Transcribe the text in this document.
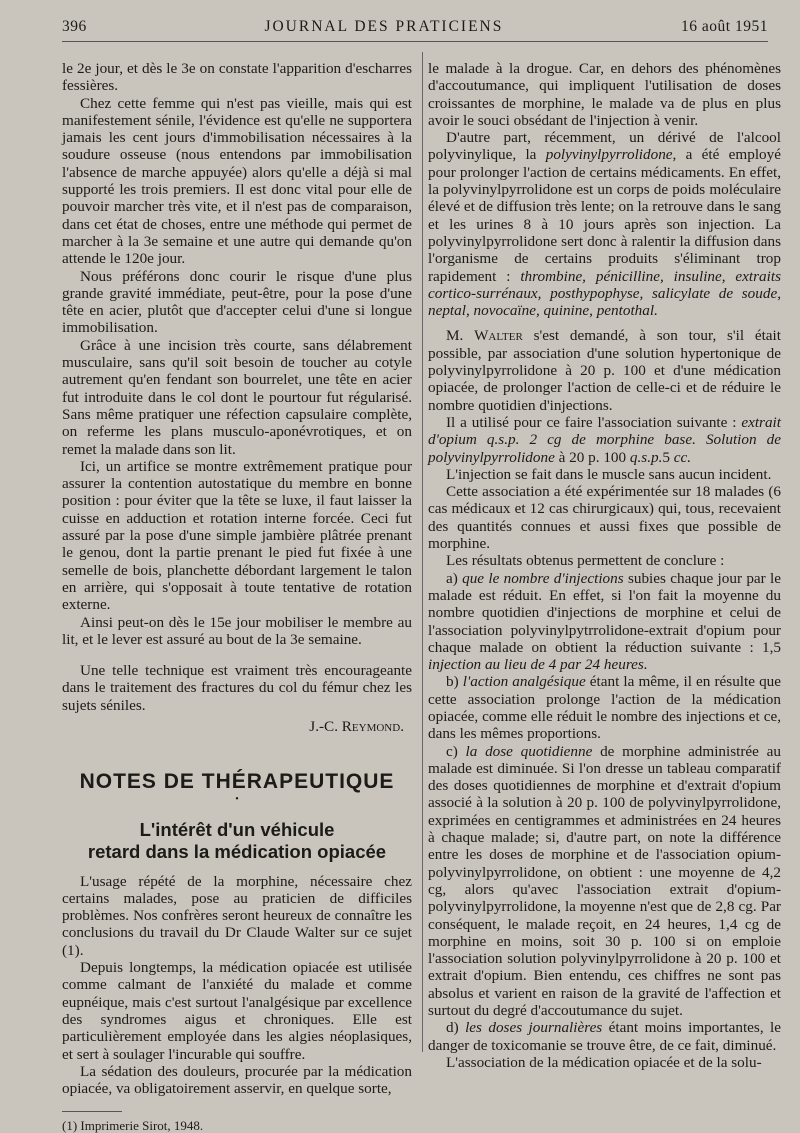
396	JOURNAL DES PRATICIENS	16 août 1951

le 2e jour, et dès le 3e on constate l'apparition d'escharres fessières.

Chez cette femme qui n'est pas vieille, mais qui est manifestement sénile, l'évidence est qu'elle ne supportera jamais les cent jours d'immobilisation nécessaires à la soudure osseuse (nous entendons par immobilisation l'absence de marche appuyée) alors qu'elle a déjà si mal supporté les trois premiers. Il est donc vital pour elle de pouvoir marcher très vite, et il n'est pas de comparaison, dans cet état de choses, entre une méthode qui permet de marcher à la 3e semaine et une autre qui demande qu'on attende le 120e jour.

Nous préférons donc courir le risque d'une plus grande gravité immédiate, peut-être, pour la pose d'une tête en acier, plutôt que d'accepter celui d'une si longue immobilisation.

Grâce à une incision très courte, sans délabrement musculaire, sans qu'il soit besoin de toucher au cotyle autrement qu'en fendant son bourrelet, une tête en acier fut introduite dans le col dont le pourtour fut régularisé. Sans même pratiquer une réfection capsulaire complète, on referme les plans musculo-aponévrotiques, et on remet la malade dans son lit.

Ici, un artifice se montre extrêmement pratique pour assurer la contention autostatique du membre en bonne position : pour éviter que la tête se luxe, il faut laisser la cuisse en adduction et rotation interne forcée. Ceci fut assuré par la pose d'une simple jambière plâtrée prenant le genou, dont la partie prenant le pied fut fixée à une semelle de bois, planchette débordant largement le talon en arrière, qui s'opposait à toute tentative de rotation externe.

Ainsi peut-on dès le 15e jour mobiliser le membre au lit, et le lever est assuré au bout de la 3e semaine.

Une telle technique est vraiment très encourageante dans le traitement des fractures du col du fémur chez les sujets séniles.

J.-C. Reymond.
NOTES DE THÉRAPEUTIQUE
•
L'intérêt d'un véhicule
retard dans la médication opiacée

L'usage répété de la morphine, nécessaire chez certains malades, pose au praticien de difficiles problèmes. Nos confrères seront heureux de connaître les conclusions du travail du Dr Claude Walter sur ce sujet (1).

Depuis longtemps, la médication opiacée est utilisée comme calmant de l'anxiété du malade et comme eupnéique, mais c'est surtout l'analgésique par excellence des syndromes aigus et chroniques. Elle est particulièrement employée dans les algies néoplasiques, et sert à soulager l'incurable qui souffre.

La sédation des douleurs, procurée par la médication opiacée, va obligatoirement asservir, en quelque sorte,

(1) Imprimerie Sirot, 1948.

le malade à la drogue. Car, en dehors des phénomènes d'accoutumance, qui impliquent l'utilisation de doses croissantes de morphine, le malade va de plus en plus avoir le souci obsédant de l'injection à venir.

D'autre part, récemment, un dérivé de l'alcool polyvinylique, la polyvinylpyrrolidone, a été employé pour prolonger l'action de certains médicaments. En effet, la polyvinylpyrrolidone est un corps de poids moléculaire élevé et de diffusion très lente; on la retrouve dans le sang et les urines 8 à 10 jours après son injection. La polyvinylpyrrolidone sert donc à ralentir la diffusion dans l'organisme de certains produits s'éliminant trop rapidement : thrombine, pénicilline, insuline, extraits cortico-surrénaux, posthypophyse, salicylate de soude, neptal, novocaïne, quinine, pentothal.

M. Walter s'est demandé, à son tour, s'il était possible, par association d'une solution hypertonique de polyvinylpyrrolidone à 20 p. 100 et d'une médication opiacée, de prolonger l'action de celle-ci et de réduire le nombre quotidien d'injections.

Il a utilisé pour ce faire l'association suivante : extrait d'opium q.s.p. 2 cg de morphine base. Solution de polyvinylpyrrolidone à 20 p. 100 q.s.p.5 cc.

L'injection se fait dans le muscle sans aucun incident.

Cette association a été expérimentée sur 18 malades (6 cas médicaux et 12 cas chirurgicaux) qui, tous, recevaient des quantités connues et aussi fixes que possible de morphine.

Les résultats obtenus permettent de conclure :

a) que le nombre d'injections subies chaque jour par le malade est réduit. En effet, si l'on fait la moyenne du nombre quotidien d'injections de morphine et celui de l'association polyvinylpytrrolidone-extrait d'opium pour chaque malade on obtient la réduction suivante : 1,5 injection au lieu de 4 par 24 heures.

b) l'action analgésique étant la même, il en résulte que cette association prolonge l'action de la médication opiacée, comme elle réduit le nombre des injections et ce, dans les mêmes proportions.

c) la dose quotidienne de morphine administrée au malade est diminuée. Si l'on dresse un tableau comparatif des doses quotidiennes de morphine et d'extrait d'opium associé à la solution à 20 p. 100 de polyvinylpyrrolidone, exprimées en centigrammes et administrées en 24 heures à chaque malade; si, d'autre part, on note la différence entre les doses de morphine et de l'association opium-polyvinylpyrrolidone, on obtient : une moyenne de 4,2 cg, alors qu'avec l'association extrait d'opium-polyvinylpyrrolidone, la moyenne n'est que de 2,8 cg. Par conséquent, le malade reçoit, en 24 heures, 1,4 cg de morphine en moins, soit 30 p. 100 si on emploie l'association solution polyvinylpyrrolidone à 20 p. 100 et extrait d'opium. Bien entendu, ces chiffres ne sont pas absolus et varient en raison de la gravité de l'affection et surtout du degré d'accoutumance du sujet.

d) les doses journalières étant moins importantes, le danger de toxicomanie se trouve être, de ce fait, diminué.

L'association de la médication opiacée et de la solu-
